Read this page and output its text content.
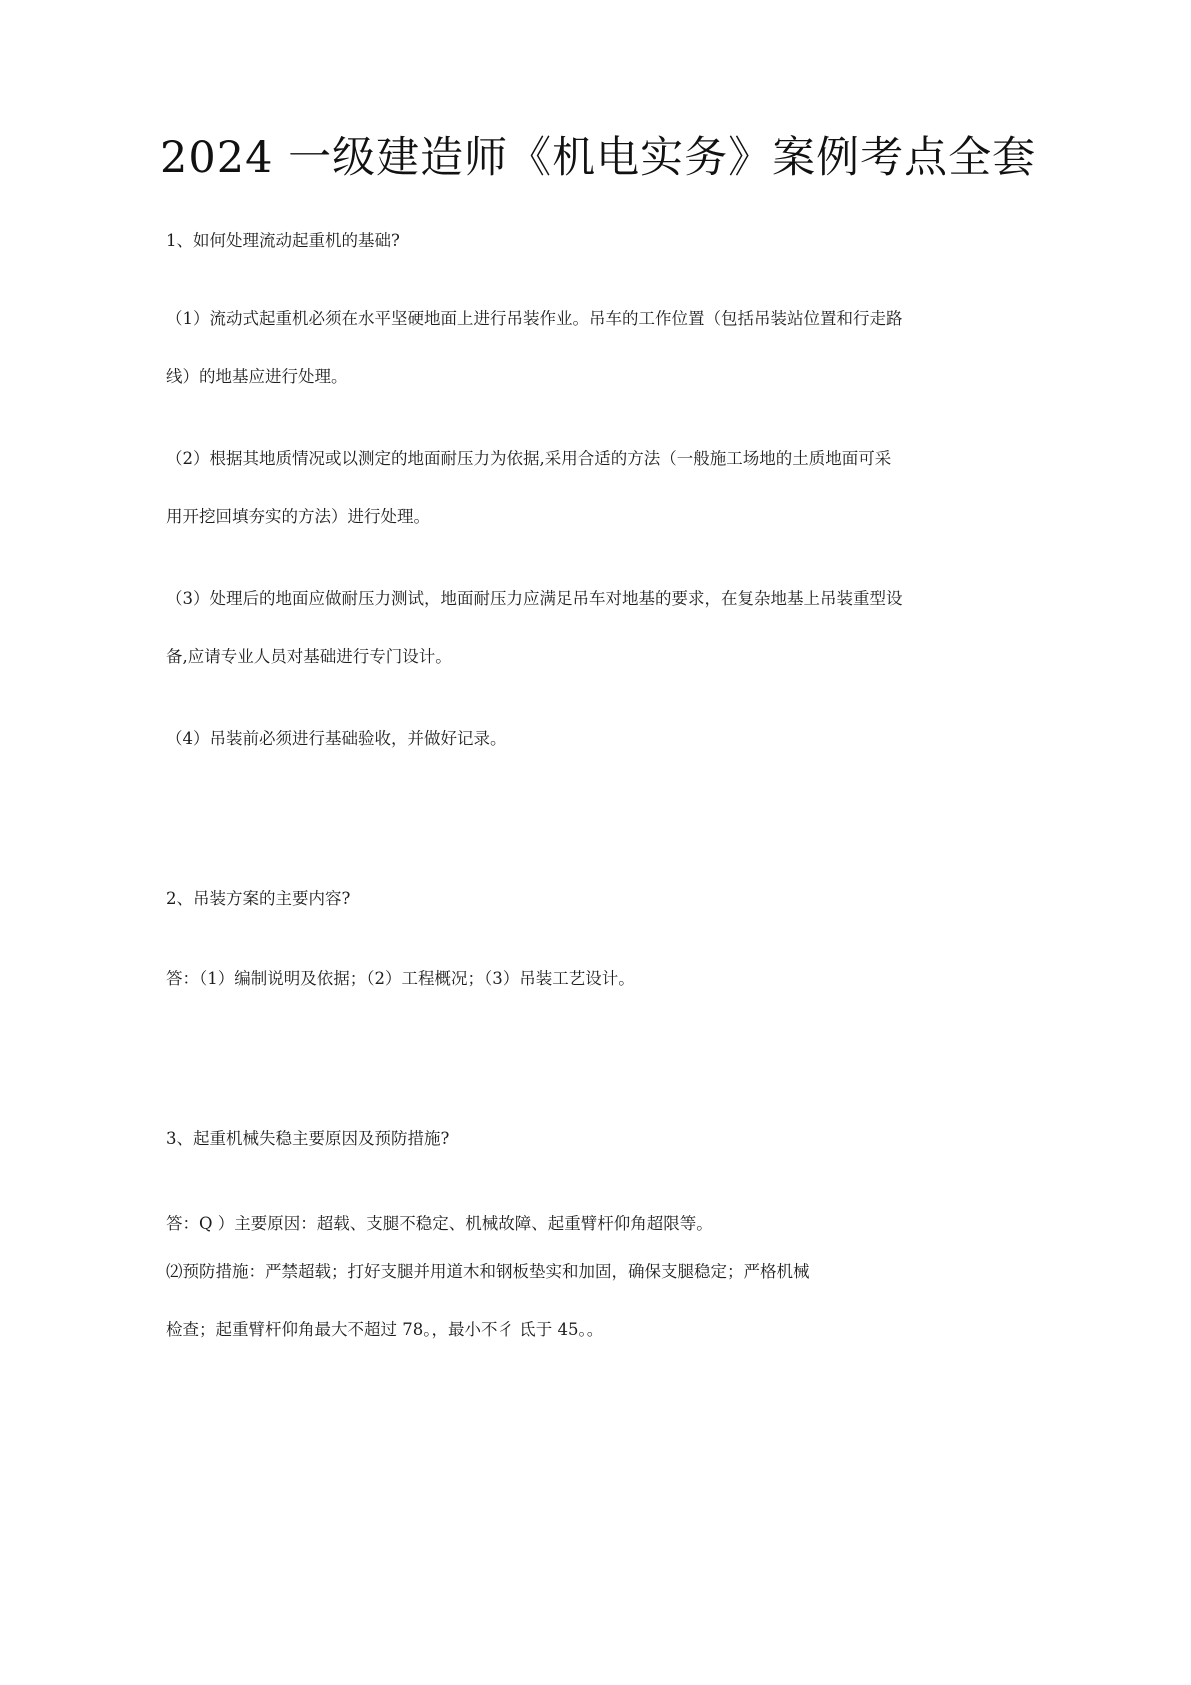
2024 一级建造师《机电实务》案例考点全套
1、如何处理流动起重机的基础?
（1）流动式起重机必须在水平坚硬地面上进行吊装作业。吊车的工作位置（包括吊装站位置和行走路
线）的地基应进行处理。
（2）根据其地质情况或以测定的地面耐压力为依据,采用合适的方法（一般施工场地的土质地面可采
用开挖回填夯实的方法）进行处理。
（3）处理后的地面应做耐压力测试，地面耐压力应满足吊车对地基的要求，在复杂地基上吊装重型设
备,应请专业人员对基础进行专门设计。
（4）吊装前必须进行基础验收，并做好记录。
2、吊装方案的主要内容?
答：（1）编制说明及依据；（2）工程概况；（3）吊装工艺设计。
3、起重机械失稳主要原因及预防措施?
答：Q ）主要原因：超载、支腿不稳定、机械故障、起重臂杆仰角超限等。
⑵预防措施：严禁超载；打好支腿并用道木和钢板垫实和加固，确保支腿稳定；严格机械
检查；起重臂杆仰角最大不超过 78。，最小不彳 氐于 45。。
